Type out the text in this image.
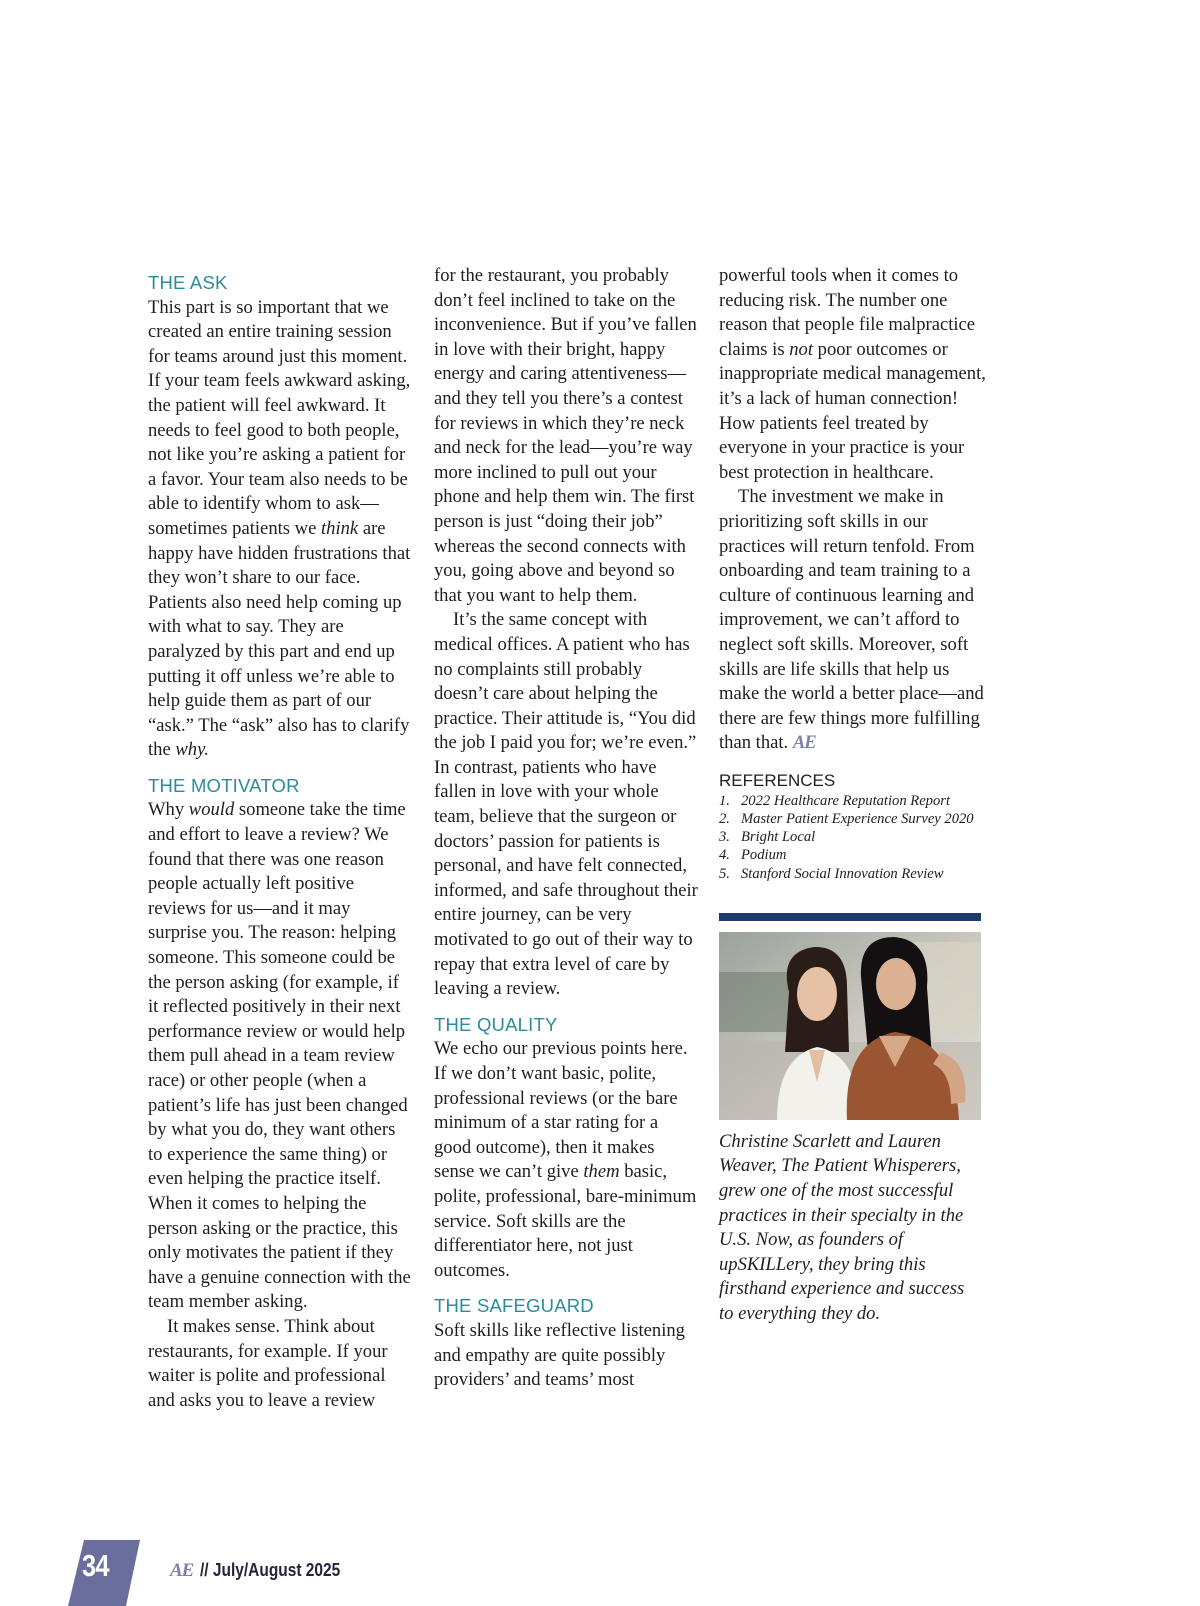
THE ASK

This part is so important that we created an entire training session for teams around just this moment. If your team feels awkward asking, the patient will feel awkward. It needs to feel good to both people, not like you’re asking a patient for a favor. Your team also needs to be able to identify whom to ask—sometimes patients we think are happy have hidden frustrations that they won’t share to our face. Patients also need help coming up with what to say. They are paralyzed by this part and end up putting it off unless we’re able to help guide them as part of our “ask.” The “ask” also has to clarify the why.

THE MOTIVATOR

Why would someone take the time and effort to leave a review? We found that there was one reason people actually left positive reviews for us—and it may surprise you. The reason: helping someone. This someone could be the person asking (for example, if it reflected positively in their next performance review or would help them pull ahead in a team review race) or other people (when a patient’s life has just been changed by what you do, they want others to experience the same thing) or even helping the practice itself. When it comes to helping the person asking or the practice, this only motivates the patient if they have a genuine connection with the team member asking.

It makes sense. Think about restaurants, for example. If your waiter is polite and professional and asks you to leave a review

for the restaurant, you probably don’t feel inclined to take on the inconvenience. But if you’ve fallen in love with their bright, happy energy and caring attentiveness—and they tell you there’s a contest for reviews in which they’re neck and neck for the lead—you’re way more inclined to pull out your phone and help them win. The first person is just “doing their job” whereas the second connects with you, going above and beyond so that you want to help them.

It’s the same concept with medical offices. A patient who has no complaints still probably doesn’t care about helping the practice. Their attitude is, “You did the job I paid you for; we’re even.” In contrast, patients who have fallen in love with your whole team, believe that the surgeon or doctors’ passion for patients is personal, and have felt connected, informed, and safe throughout their entire journey, can be very motivated to go out of their way to repay that extra level of care by leaving a review.

THE QUALITY

We echo our previous points here. If we don’t want basic, polite, professional reviews (or the bare minimum of a star rating for a good outcome), then it makes sense we can’t give them basic, polite, professional, bare-minimum service. Soft skills are the differentiator here, not just outcomes.

THE SAFEGUARD

Soft skills like reflective listening and empathy are quite possibly providers’ and teams’ most

powerful tools when it comes to reducing risk. The number one reason that people file malpractice claims is not poor outcomes or inappropriate medical management, it’s a lack of human connection! How patients feel treated by everyone in your practice is your best protection in healthcare.

The investment we make in prioritizing soft skills in our practices will return tenfold. From onboarding and team training to a culture of continuous learning and improvement, we can’t afford to neglect soft skills. Moreover, soft skills are life skills that help us make the world a better place—and there are few things more fulfilling than that. AE

REFERENCES
1. 2022 Healthcare Reputation Report
2. Master Patient Experience Survey 2020
3. Bright Local
4. Podium
5. Stanford Social Innovation Review
Christine Scarlett and Lauren Weaver, The Patient Whisperers, grew one of the most successful practices in their specialty in the U.S. Now, as founders of upSKILLery, they bring this firsthand experience and success to everything they do.
34	AE // July/August 2025
